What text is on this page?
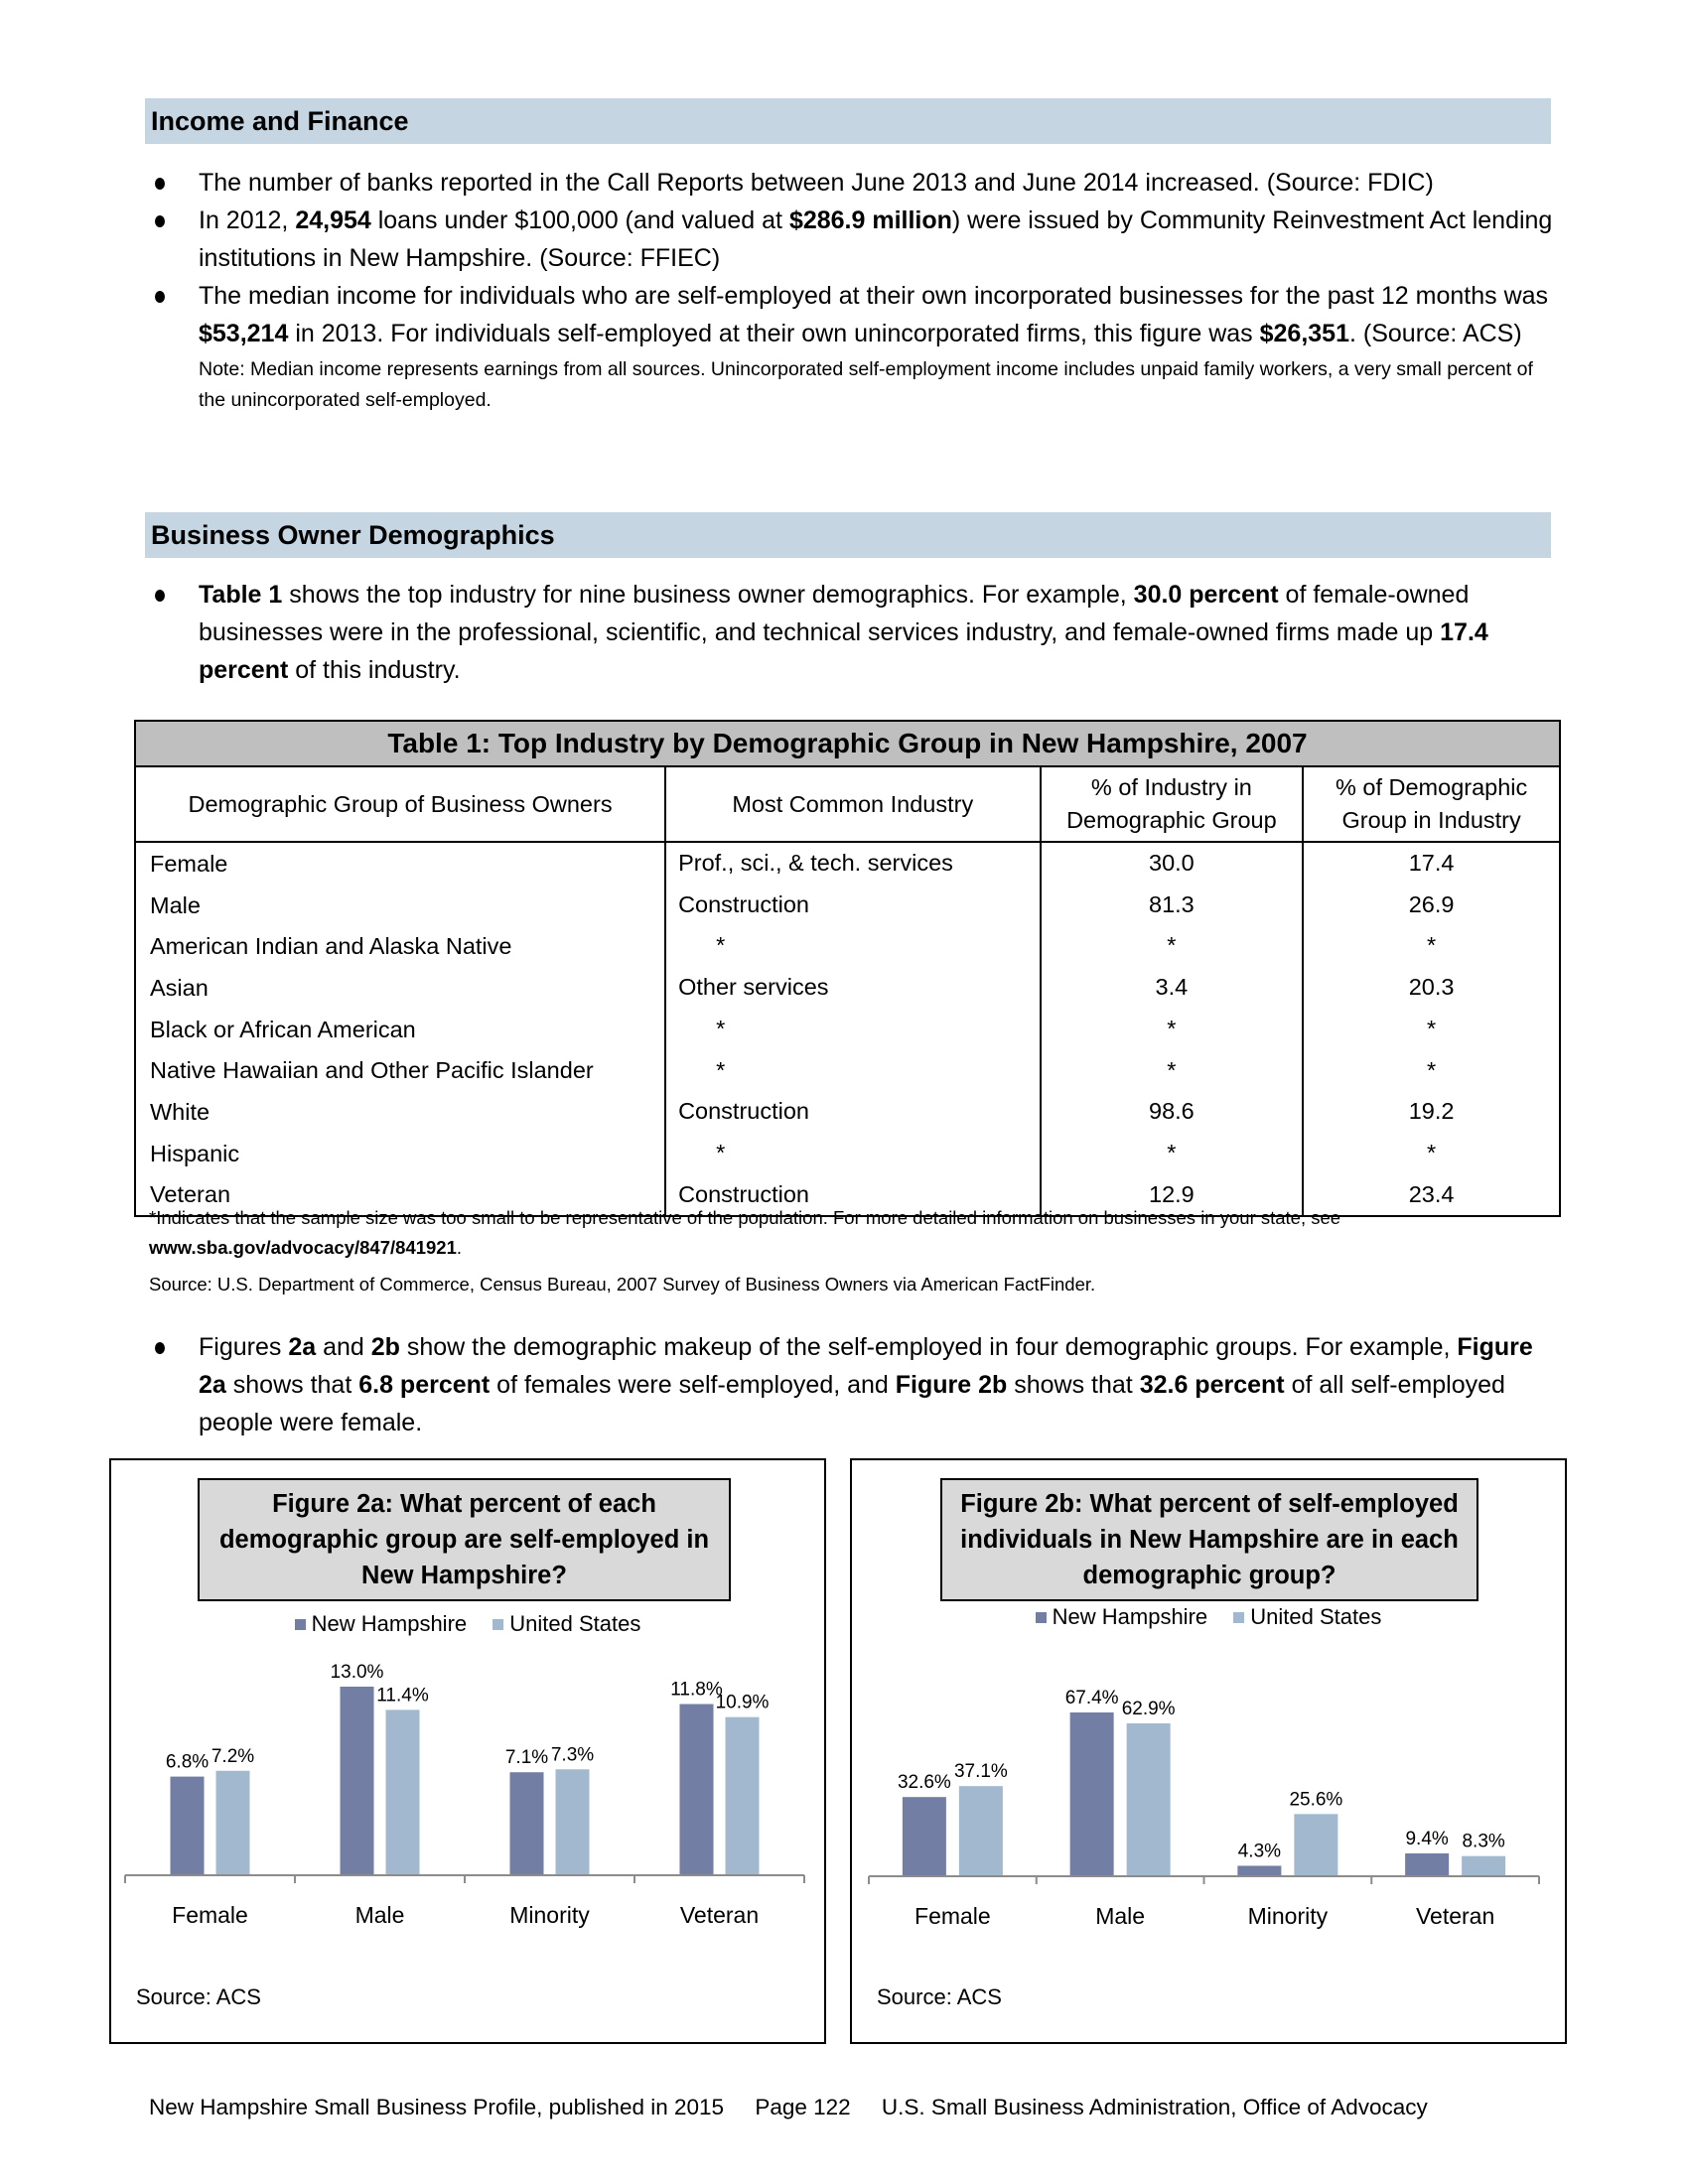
Income and Finance
The number of banks reported in the Call Reports between June 2013 and June 2014 increased. (Source: FDIC)
In 2012, 24,954 loans under $100,000 (and valued at $286.9 million) were issued by Community Reinvestment Act lending institutions in New Hampshire. (Source: FFIEC)
The median income for individuals who are self-employed at their own incorporated businesses for the past 12 months was $53,214 in 2013. For individuals self-employed at their own unincorporated firms, this figure was $26,351. (Source: ACS)
Note: Median income represents earnings from all sources. Unincorporated self-employment income includes unpaid family workers, a very small percent of the unincorporated self-employed.
Business Owner Demographics
Table 1 shows the top industry for nine business owner demographics. For example, 30.0 percent of female-owned businesses were in the professional, scientific, and technical services industry, and female-owned firms made up 17.4 percent of this industry.
Table 1: Top Industry by Demographic Group in New Hampshire, 2007
Demographic Group of Business Owners	Most Common Industry	% of Industry in Demographic Group	% of Demographic Group in Industry
Female	Prof., sci., & tech. services	30.0	17.4
Male	Construction	81.3	26.9
American Indian and Alaska Native	*	*	*
Asian	Other services	3.4	20.3
Black or African American	*	*	*
Native Hawaiian and Other Pacific Islander	*	*	*
White	Construction	98.6	19.2
Hispanic	*	*	*
Veteran	Construction	12.9	23.4
*Indicates that the sample size was too small to be representative of the population. For more detailed information on businesses in your state, see www.sba.gov/advocacy/847/841921.
Source: U.S. Department of Commerce, Census Bureau, 2007 Survey of Business Owners via American FactFinder.
Figures 2a and 2b show the demographic makeup of the self-employed in four demographic groups. For example, Figure 2a shows that 6.8 percent of females were self-employed, and Figure 2b shows that 32.6 percent of all self-employed people were female.
Figure 2a: What percent of each demographic group are self-employed in New Hampshire?
New Hampshire United States
6.8% 7.2%
Female
13.0%
11.4%
Male
7.1% 7.3%
Minority
11.8%
10.9%
Veteran
Source: ACS
Figure 2b: What percent of self-employed individuals in New Hampshire are in each demographic group?
New Hampshire United States
32.6%
37.1%
Female
67.4%
62.9%
Male
4.3%
25.6%
Minority
9.4% 8.3%
Veteran
Source: ACS
New Hampshire Small Business Profile, published in 2015 Page 122 U.S. Small Business Administration, Office of Advocacy
